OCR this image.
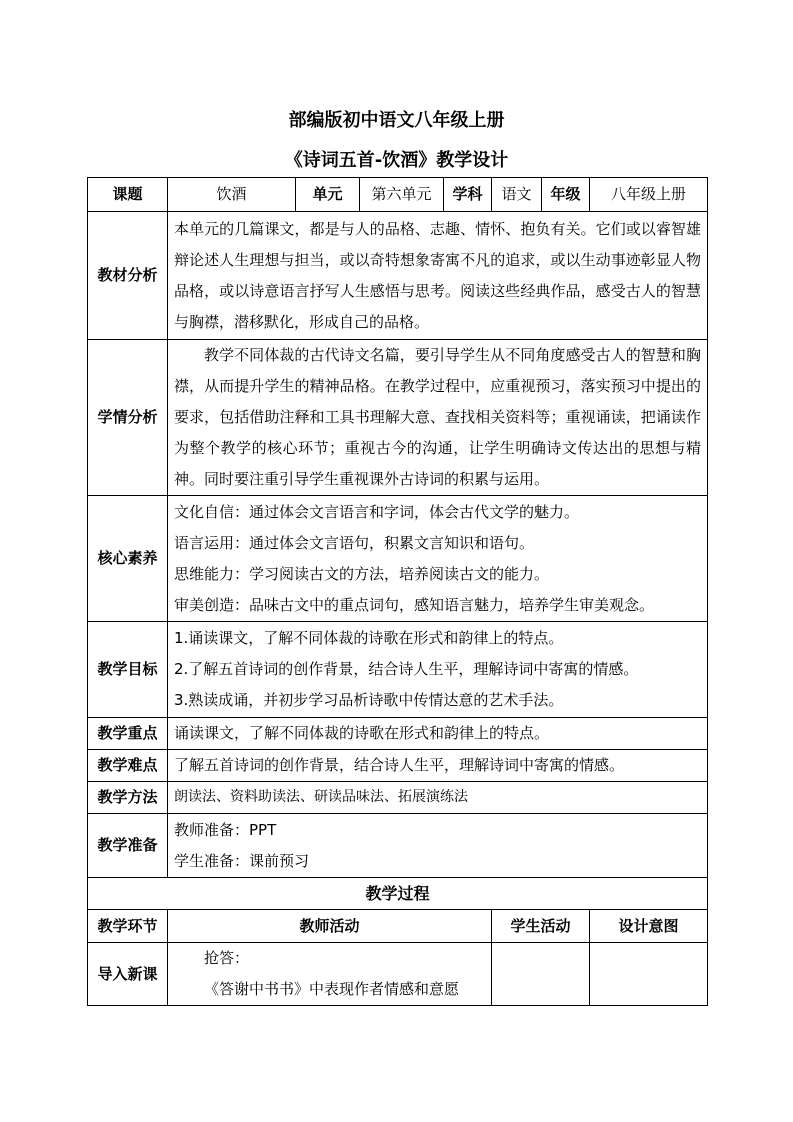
部编版初中语文八年级上册
《诗词五首-饮酒》教学设计
课题	饮酒	单元	第六单元	学科	语文	年级	八年级上册
教材分析	本单元的几篇课文，都是与人的品格、志趣、情怀、抱负有关。它们或以睿智雄辩论述人生理想与担当，或以奇特想象寄寓不凡的追求，或以生动事迹彰显人物品格，或以诗意语言抒写人生感悟与思考。阅读这些经典作品，感受古人的智慧与胸襟，潜移默化，形成自己的品格。						
学情分析	教学不同体裁的古代诗文名篇，要引导学生从不同角度感受古人的智慧和胸襟，从而提升学生的精神品格。在教学过程中，应重视预习，落实预习中提出的要求，包括借助注释和工具书理解大意、查找相关资料等；重视诵读，把诵读作为整个教学的核心环节；重视古今的沟通，让学生明确诗文传达出的思想与精神。同时要注重引导学生重视课外古诗词的积累与运用。						
核心素养	文化自信：通过体会文言语言和字词，体会古代文学的魅力。
语言运用：通过体会文言语句，积累文言知识和语句。
思维能力：学习阅读古文的方法，培养阅读古文的能力。
审美创造：品味古文中的重点词句，感知语言魅力，培养学生审美观念。						

教学目标	1.诵读课文，了解不同体裁的诗歌在形式和韵律上的特点。
2.了解五首诗词的创作背景，结合诗人生平，理解诗词中寄寓的情感。
3.熟读成诵，并初步学习品析诗歌中传情达意的艺术手法。						

教学重点	诵读课文，了解不同体裁的诗歌在形式和韵律上的特点。						
教学难点	了解五首诗词的创作背景，结合诗人生平，理解诗词中寄寓的情感。						
教学方法	朗读法、资料助读法、研读品味法、拓展演练法						
教学准备	教师准备：PPT
学生准备：课前预习						

教学过程							
教学环节	教师活动				学生活动		设计意图
导入新课	抢答：
《答谢中书书》中表现作者情感和意愿						
